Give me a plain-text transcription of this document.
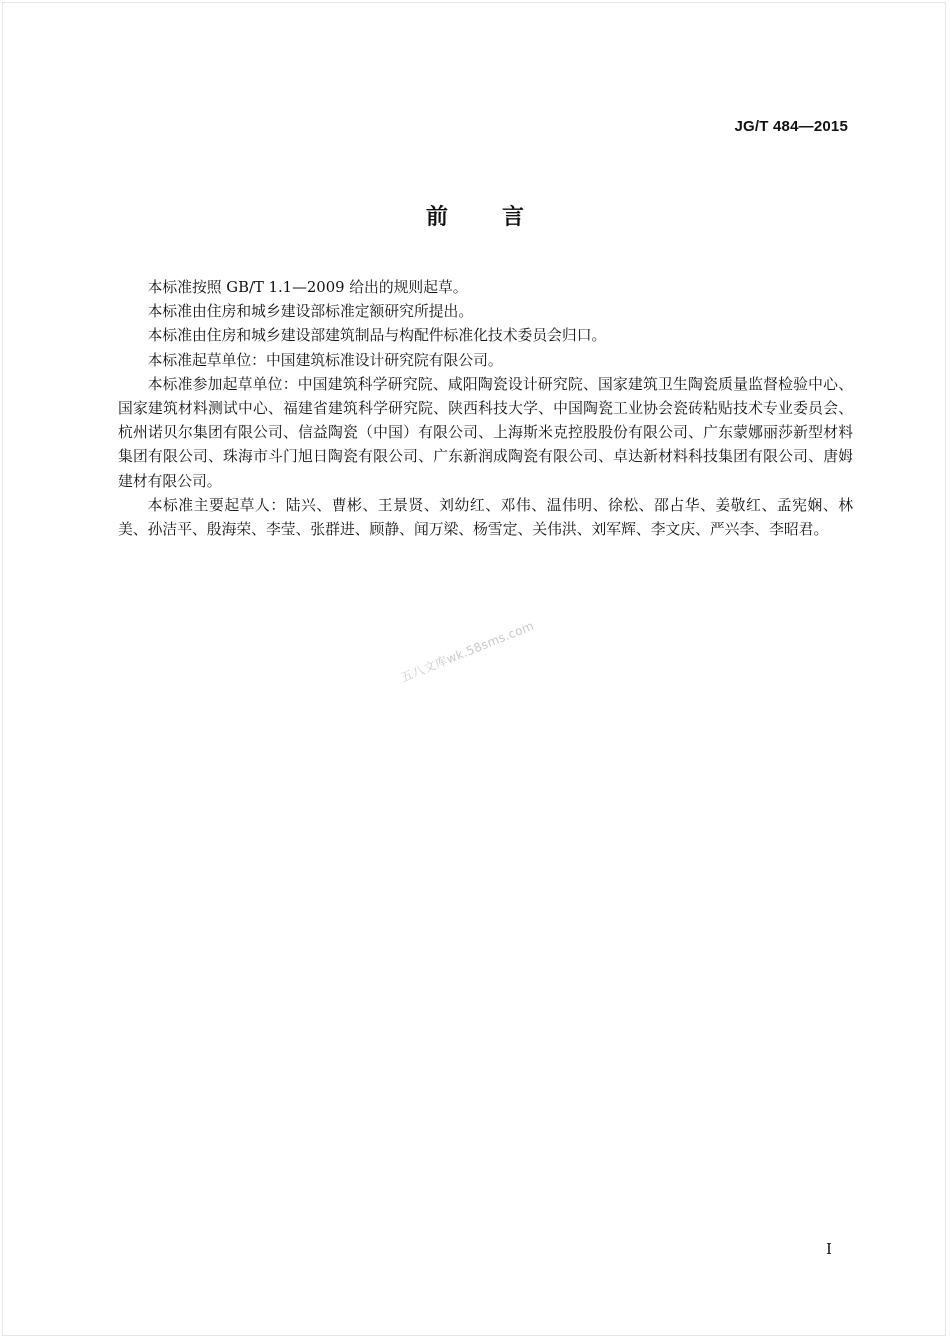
JG/T 484—2015
前言

本标准按照 GB/T 1.1—2009 给出的规则起草。

本标准由住房和城乡建设部标准定额研究所提出。

本标准由住房和城乡建设部建筑制品与构配件标准化技术委员会归口。

本标准起草单位：中国建筑标准设计研究院有限公司。

本标准参加起草单位：中国建筑科学研究院、咸阳陶瓷设计研究院、国家建筑卫生陶瓷质量监督检验中心、国家建筑材料测试中心、福建省建筑科学研究院、陕西科技大学、中国陶瓷工业协会瓷砖粘贴技术专业委员会、杭州诺贝尔集团有限公司、信益陶瓷（中国）有限公司、上海斯米克控股股份有限公司、广东蒙娜丽莎新型材料集团有限公司、珠海市斗门旭日陶瓷有限公司、广东新润成陶瓷有限公司、卓达新材料科技集团有限公司、唐姆建材有限公司。

本标准主要起草人：陆兴、曹彬、王景贤、刘幼红、邓伟、温伟明、徐松、邵占华、姜敬红、孟宪娴、林美、孙洁平、殷海荣、李莹、张群进、顾静、闻万梁、杨雪定、关伟洪、刘军辉、李文庆、严兴李、李昭君。

五八文库wk.58sms.com
I
